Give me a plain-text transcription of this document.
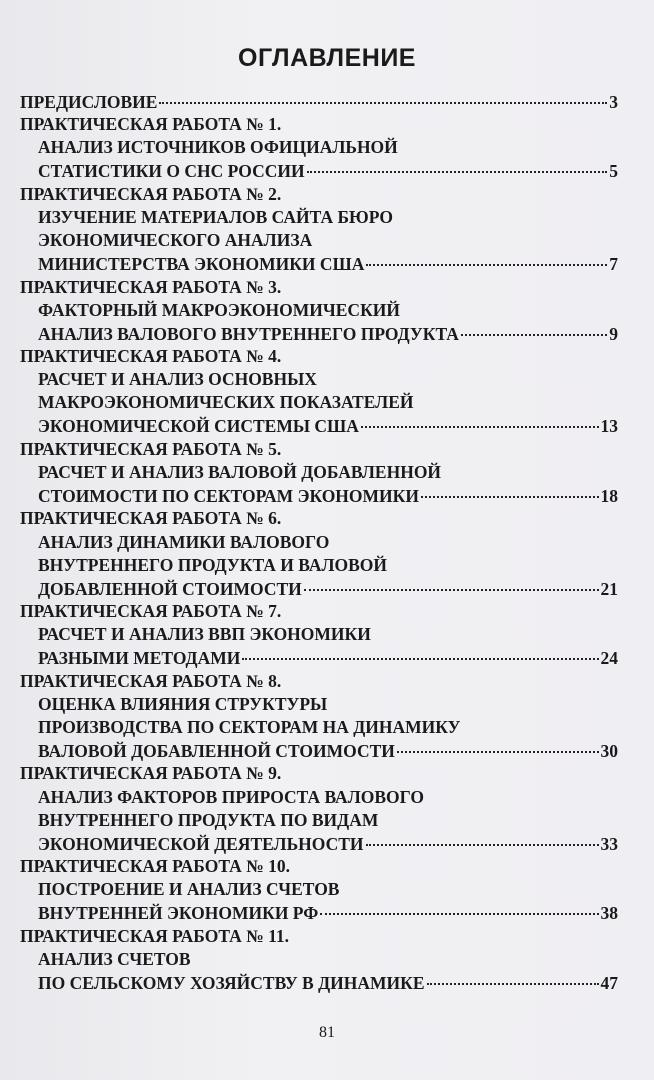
ОГЛАВЛЕНИЕ
ПРЕДИСЛОВИЕ	3
ПРАКТИЧЕСКАЯ РАБОТА № 1.
АНАЛИЗ ИСТОЧНИКОВ ОФИЦИАЛЬНОЙ
СТАТИСТИКИ О СНС РОССИИ	5
ПРАКТИЧЕСКАЯ РАБОТА № 2.
ИЗУЧЕНИЕ МАТЕРИАЛОВ САЙТА БЮРО
ЭКОНОМИЧЕСКОГО АНАЛИЗА
МИНИСТЕРСТВА ЭКОНОМИКИ США	7
ПРАКТИЧЕСКАЯ РАБОТА № 3.
ФАКТОРНЫЙ МАКРОЭКОНОМИЧЕСКИЙ
АНАЛИЗ ВАЛОВОГО ВНУТРЕННЕГО ПРОДУКТА	9
ПРАКТИЧЕСКАЯ РАБОТА № 4.
РАСЧЕТ И АНАЛИЗ ОСНОВНЫХ
МАКРОЭКОНОМИЧЕСКИХ ПОКАЗАТЕЛЕЙ
ЭКОНОМИЧЕСКОЙ СИСТЕМЫ США	13
ПРАКТИЧЕСКАЯ РАБОТА № 5.
РАСЧЕТ И АНАЛИЗ ВАЛОВОЙ ДОБАВЛЕННОЙ
СТОИМОСТИ ПО СЕКТОРАМ ЭКОНОМИКИ	18
ПРАКТИЧЕСКАЯ РАБОТА № 6.
АНАЛИЗ ДИНАМИКИ ВАЛОВОГО
ВНУТРЕННЕГО ПРОДУКТА И ВАЛОВОЙ
ДОБАВЛЕННОЙ СТОИМОСТИ	21
ПРАКТИЧЕСКАЯ РАБОТА № 7.
РАСЧЕТ И АНАЛИЗ ВВП ЭКОНОМИКИ
РАЗНЫМИ МЕТОДАМИ	24
ПРАКТИЧЕСКАЯ РАБОТА № 8.
ОЦЕНКА ВЛИЯНИЯ СТРУКТУРЫ
ПРОИЗВОДСТВА ПО СЕКТОРАМ НА ДИНАМИКУ
ВАЛОВОЙ ДОБАВЛЕННОЙ СТОИМОСТИ	30
ПРАКТИЧЕСКАЯ РАБОТА № 9.
АНАЛИЗ ФАКТОРОВ ПРИРОСТА ВАЛОВОГО
ВНУТРЕННЕГО ПРОДУКТА ПО ВИДАМ
ЭКОНОМИЧЕСКОЙ ДЕЯТЕЛЬНОСТИ	33
ПРАКТИЧЕСКАЯ РАБОТА № 10.
ПОСТРОЕНИЕ И АНАЛИЗ СЧЕТОВ
ВНУТРЕННЕЙ ЭКОНОМИКИ РФ	38
ПРАКТИЧЕСКАЯ РАБОТА № 11.
АНАЛИЗ СЧЕТОВ
ПО СЕЛЬСКОМУ ХОЗЯЙСТВУ В ДИНАМИКЕ	47
81
